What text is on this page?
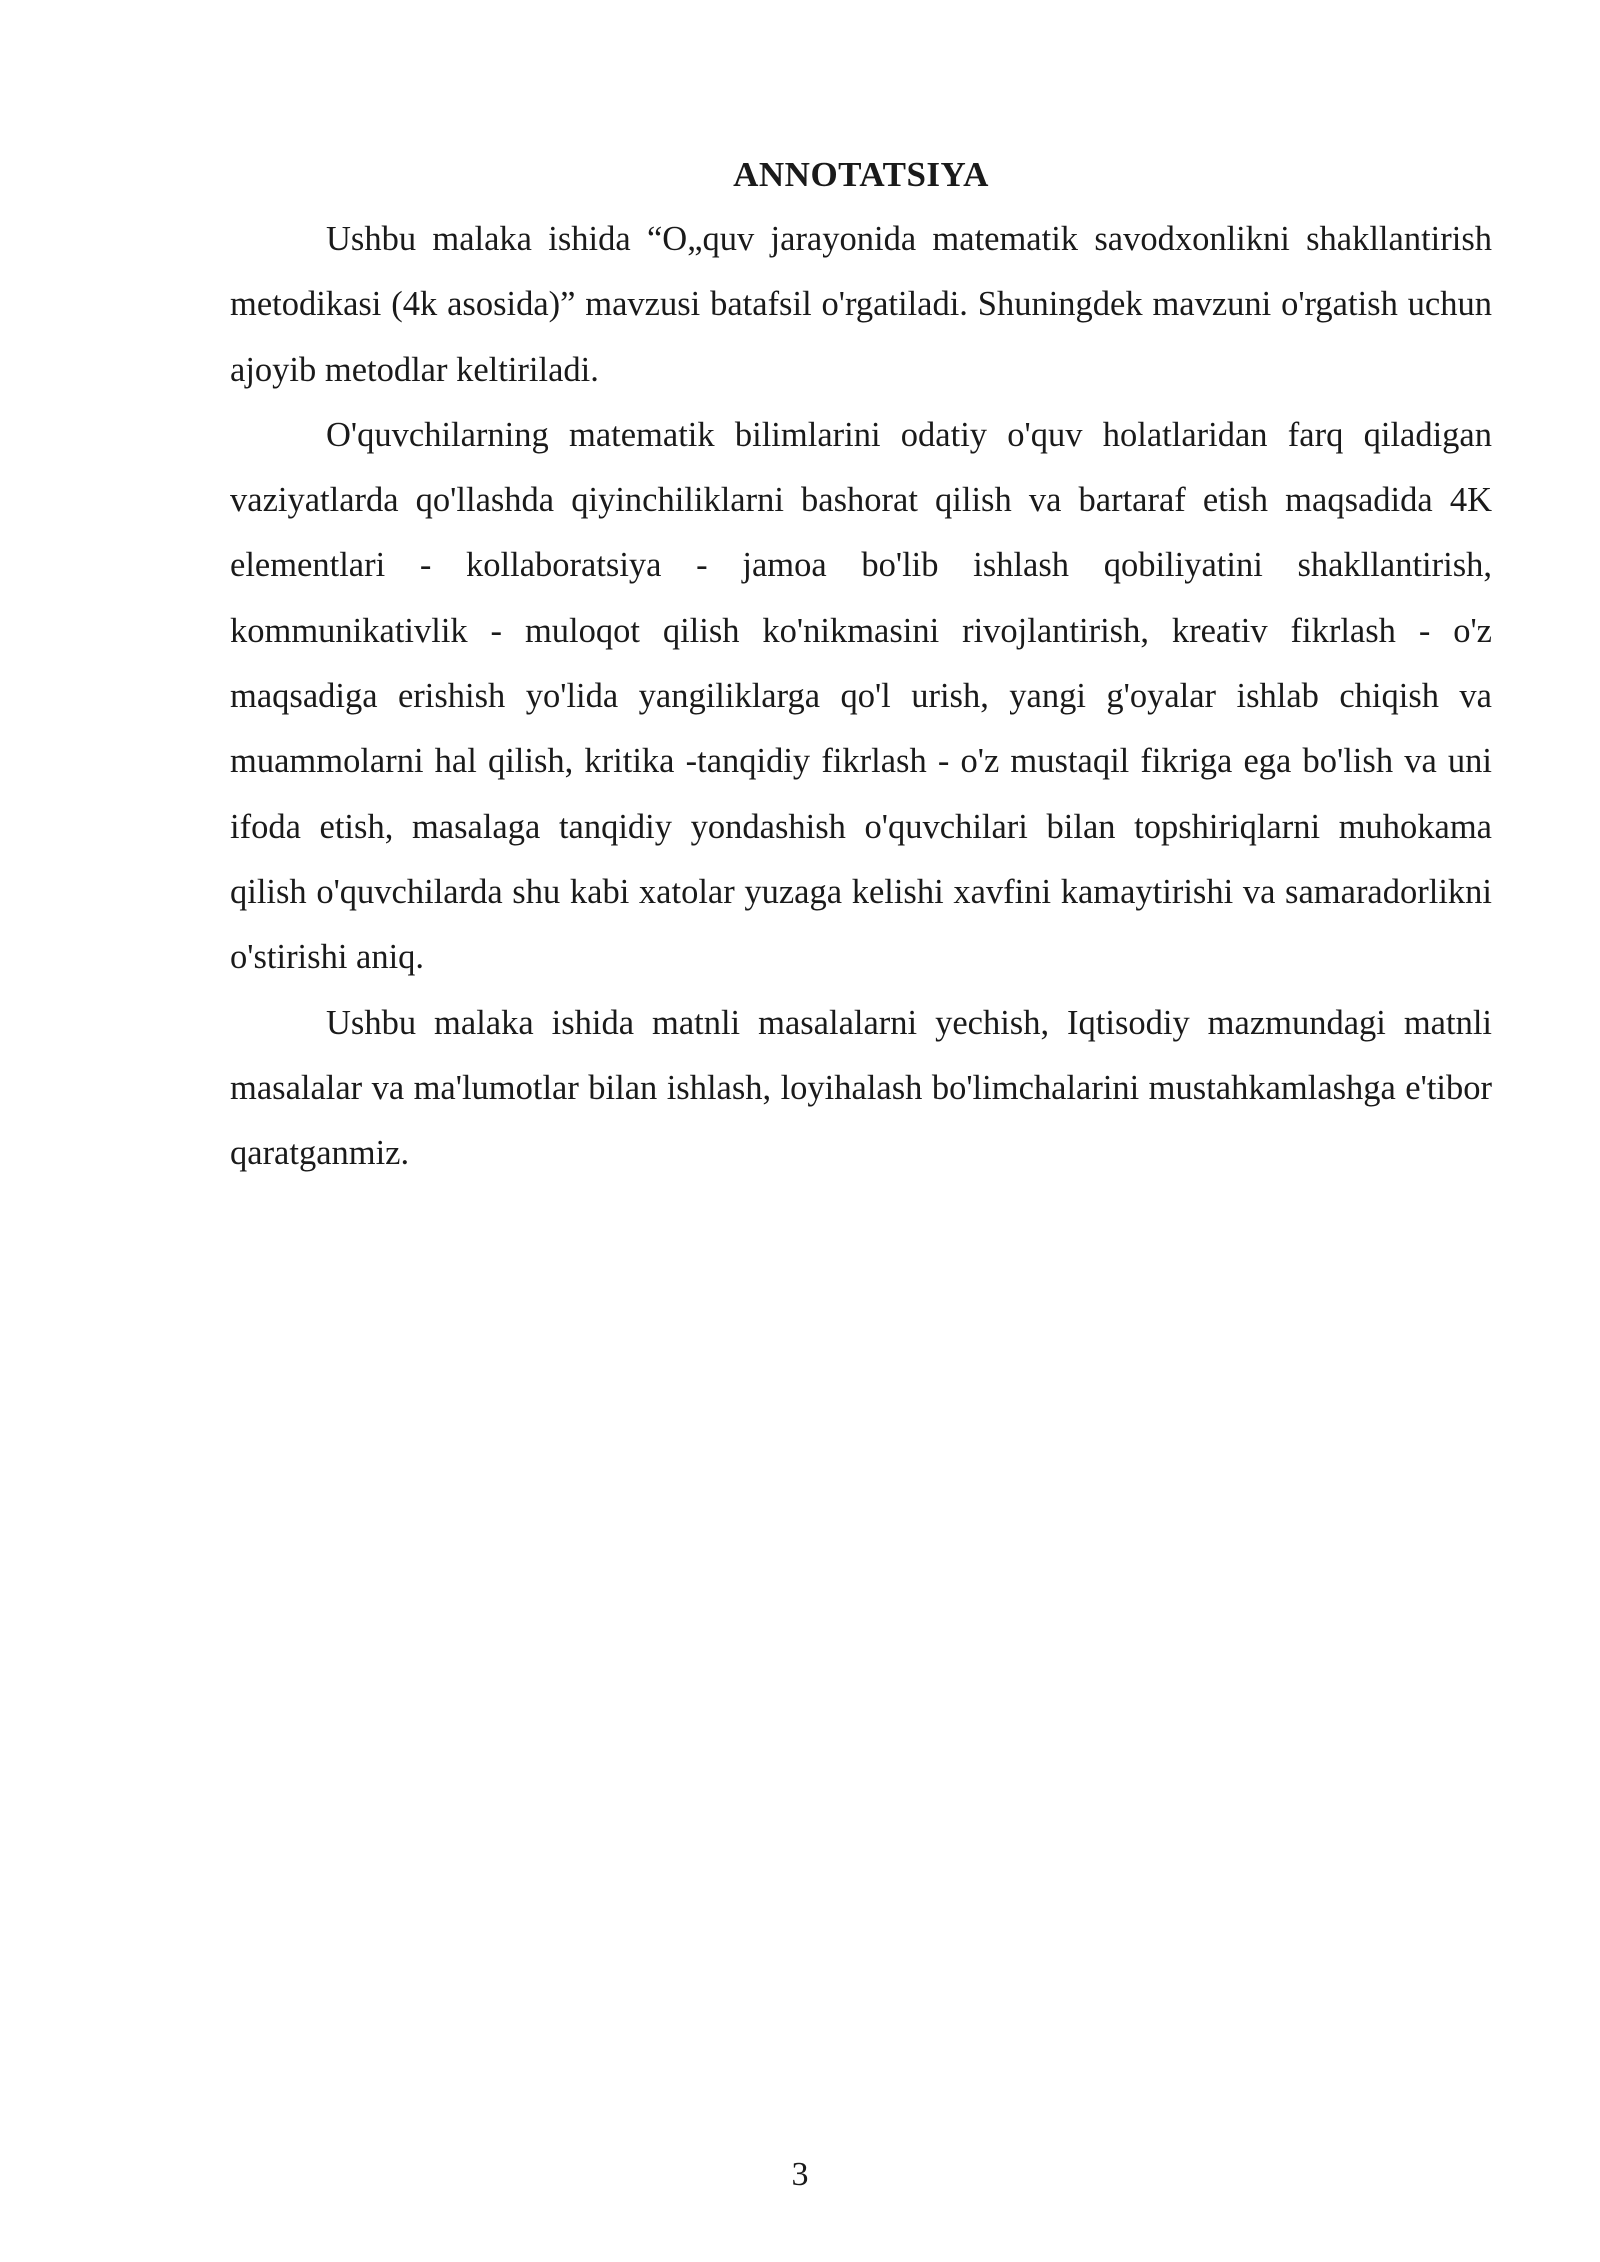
ANNOTATSIYA

Ushbu malaka ishida “O„quv jarayonida matematik savodxonlikni shakllantirish metodikasi (4k asosida)” mavzusi batafsil o'rgatiladi. Shuningdek mavzuni o'rgatish uchun ajoyib metodlar keltiriladi.

O'quvchilarning matematik bilimlarini odatiy o'quv holatlaridan farq qiladigan vaziyatlarda qo'llashda qiyinchiliklarni bashorat qilish va bartaraf etish maqsadida 4K elementlari - kollaboratsiya - jamoa bo'lib ishlash qobiliyatini shakllantirish, kommunikativlik - muloqot qilish ko'nikmasini rivojlantirish, kreativ fikrlash - o'z maqsadiga erishish yo'lida yangiliklarga qo'l urish, yangi g'oyalar ishlab chiqish va muammolarni hal qilish, kritika -tanqidiy fikrlash - o'z mustaqil fikriga ega bo'lish va uni ifoda etish, masalaga tanqidiy yondashish o'quvchilari bilan topshiriqlarni muhokama qilish o'quvchilarda shu kabi xatolar yuzaga kelishi xavfini kamaytirishi va samaradorlikni o'stirishi aniq.

Ushbu malaka ishida matnli masalalarni yechish, Iqtisodiy mazmundagi matnli masalalar va ma'lumotlar bilan ishlash, loyihalash bo'limchalarini mustahkamlashga e'tibor qaratganmiz.

3
